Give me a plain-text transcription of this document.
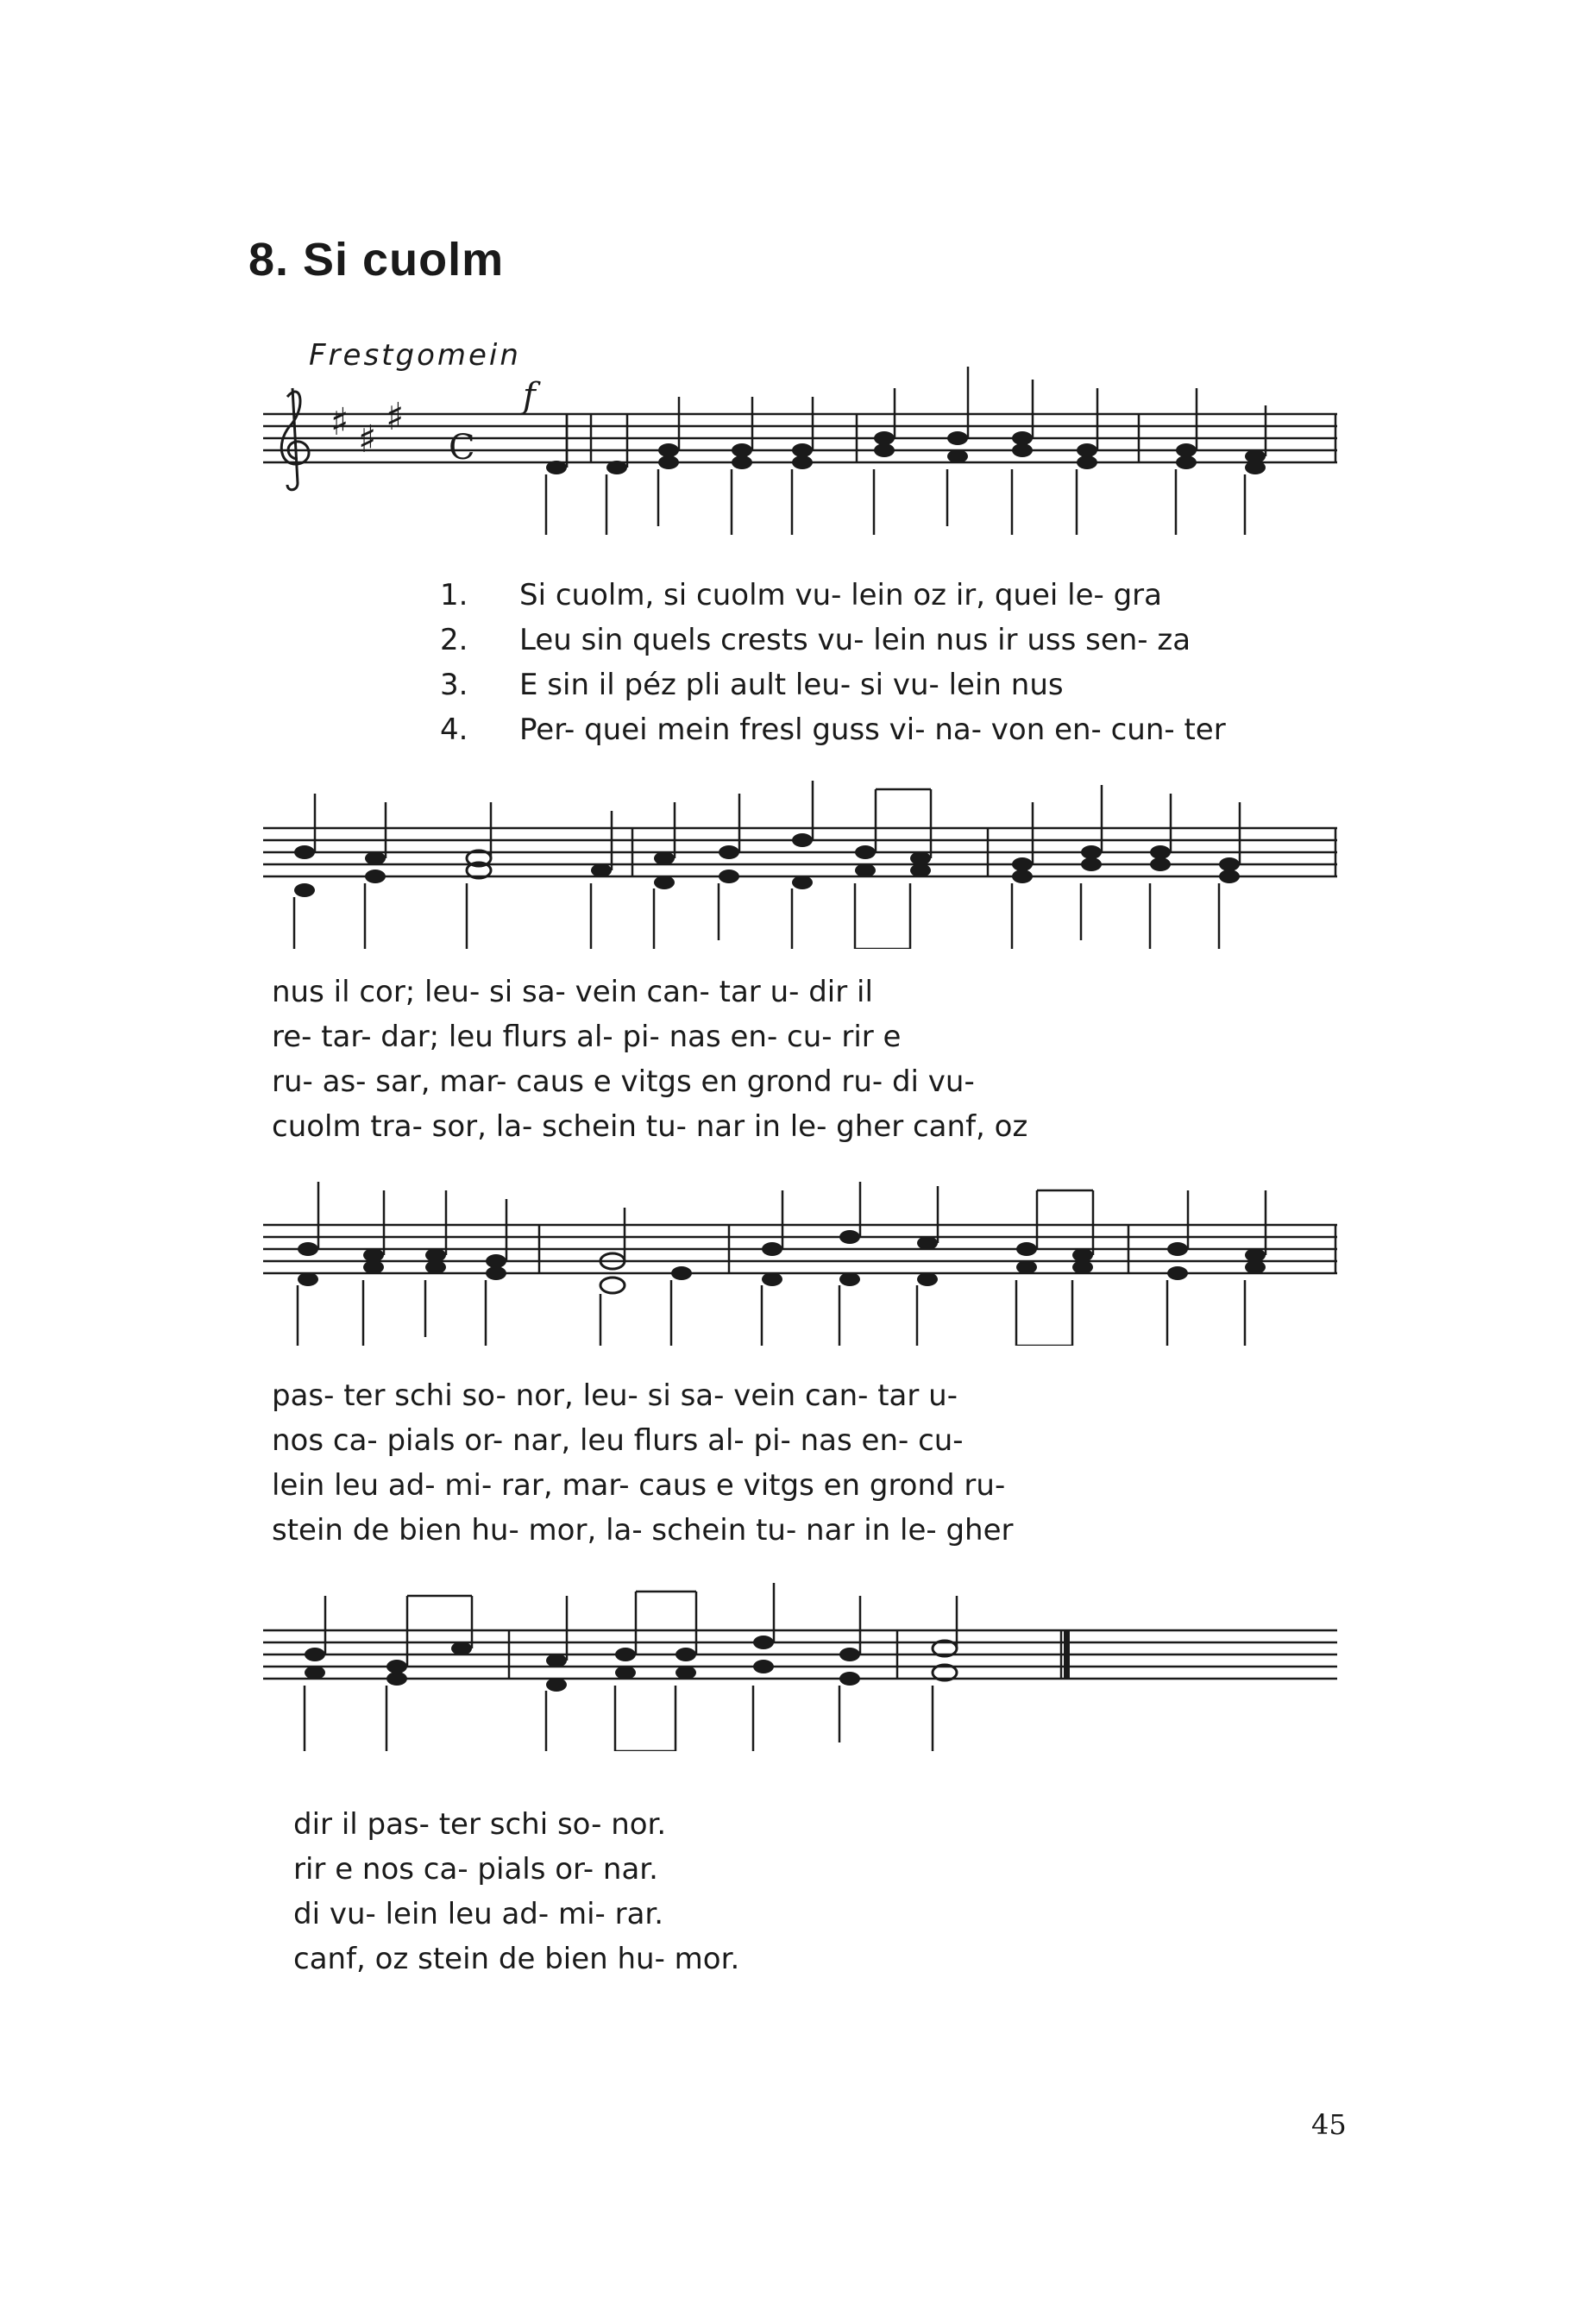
8. Si cuolm
Frestgomein
f
♯ ♯
♯
C
1. Si cuolm, si cuolm vu- lein oz ir, quei le- gra
2. Leu sin quels crests vu- lein nus ir uss sen- za
3. E sin il péz pli ault leu- si vu- lein nus
4. Per- quei mein fresl guss vi- na- von en- cun- ter
nus il cor; leu- si sa- vein can- tar u- dir il
re- tar- dar; leu flurs al- pi- nas en- cu- rir e
ru- as- sar, mar- caus e vitgs en grond ru- di vu-
cuolm tra- sor, la- schein tu- nar in le- gher canf, oz
pas- ter schi so- nor, leu- si sa- vein can- tar u-
nos ca- pials or- nar, leu flurs al- pi- nas en- cu-
lein leu ad- mi- rar, mar- caus e vitgs en grond ru-
stein de bien hu- mor, la- schein tu- nar in le- gher
dir il pas- ter schi so- nor.
rir e nos ca- pials or- nar.
di vu- lein leu ad- mi- rar.
canf, oz stein de bien hu- mor.
45
